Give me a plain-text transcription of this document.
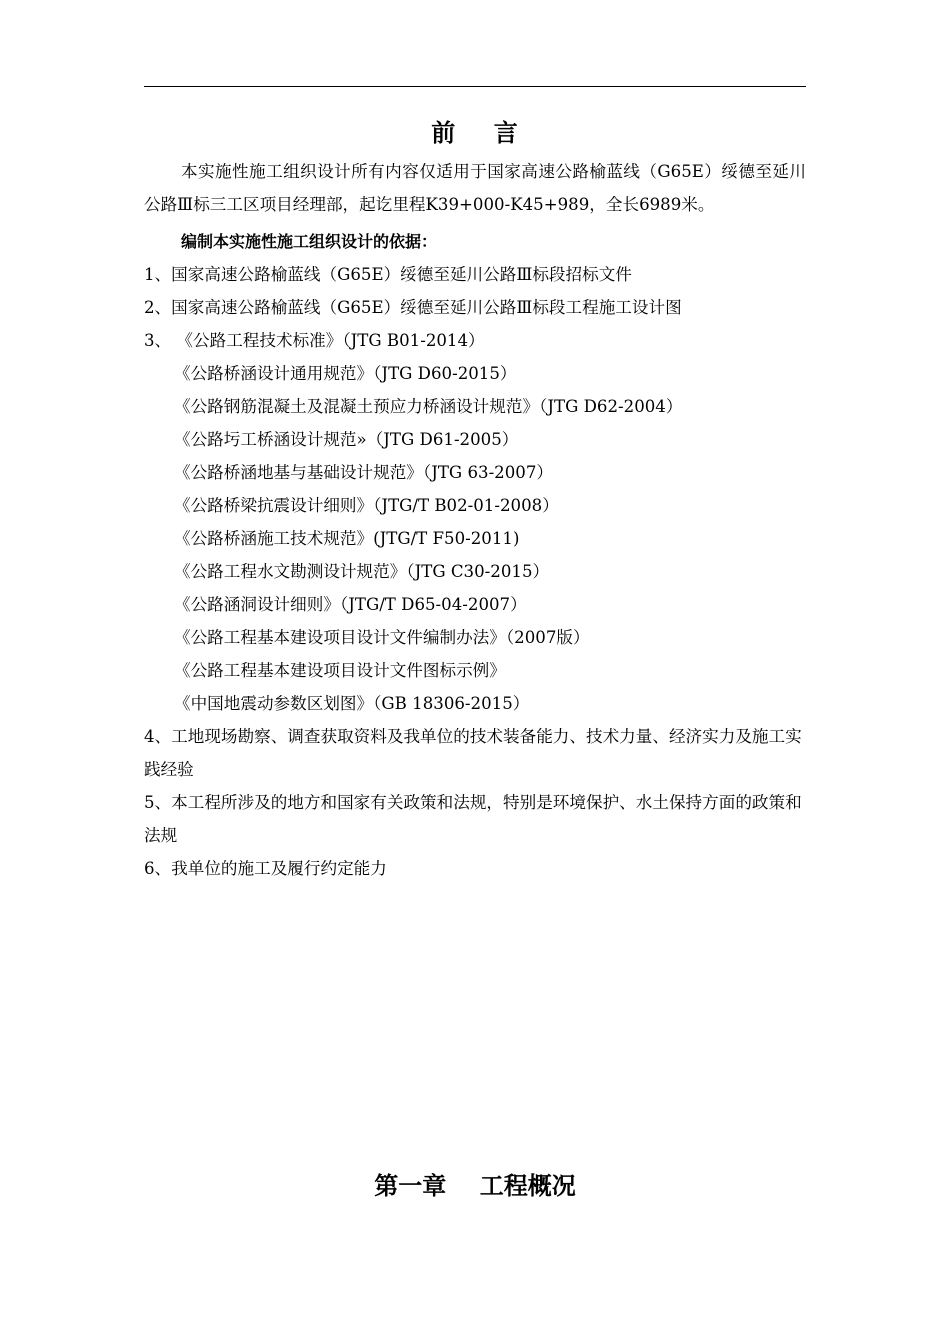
前    言

本实施性施工组织设计所有内容仅适用于国家高速公路榆蓝线（G65E）绥德至延川公路Ⅲ标三工区项目经理部，起讫里程K39+000-K45+989，全长6989米。

编制本实施性施工组织设计的依据：

1、国家高速公路榆蓝线（G65E）绥德至延川公路Ⅲ标段招标文件

2、国家高速公路榆蓝线（G65E）绥德至延川公路Ⅲ标段工程施工设计图

3、 《公路工程技术标准》（JTG B01-2014）

《公路桥涵设计通用规范》（JTG D60-2015）

《公路钢筋混凝土及混凝土预应力桥涵设计规范》（JTG D62-2004）

《公路圬工桥涵设计规范»（JTG D61-2005）

《公路桥涵地基与基础设计规范》（JTG 63-2007）

《公路桥梁抗震设计细则》（JTG/T B02-01-2008）

《公路桥涵施工技术规范》(JTG/T F50-2011)

《公路工程水文勘测设计规范》（JTG C30-2015）

《公路涵洞设计细则》（JTG/T D65-04-2007）

《公路工程基本建设项目设计文件编制办法》（2007版）

《公路工程基本建设项目设计文件图标示例》

《中国地震动参数区划图》（GB 18306-2015）

4、工地现场勘察、调查获取资料及我单位的技术装备能力、技术力量、经济实力及施工实践经验

5、本工程所涉及的地方和国家有关政策和法规，特别是环境保护、水土保持方面的政策和法规

6、我单位的施工及履行约定能力

第一章    工程概况
